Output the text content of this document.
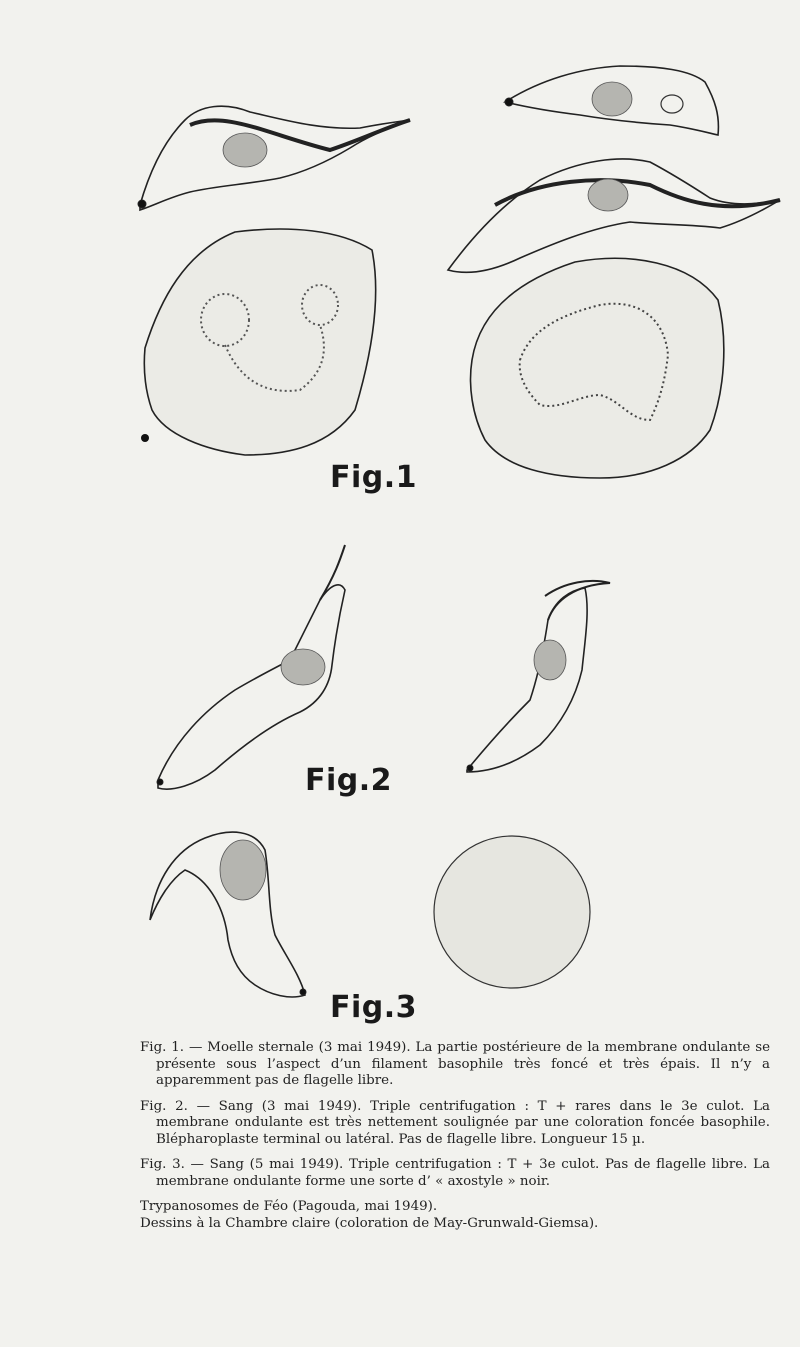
Fig.1
Fig.2
Fig.3

Fig. 1. — Moelle sternale (3 mai 1949). La partie postérieure de la membrane ondulante se présente sous l’aspect d’un filament basophile très foncé et très épais. Il n’y a apparemment pas de flagelle libre.

Fig. 2. — Sang (3 mai 1949). Triple centrifugation : T + rares dans le 3e culot. La membrane ondulante est très nettement soulignée par une coloration foncée basophile. Blépharoplaste terminal ou latéral. Pas de flagelle libre. Longueur 15 µ.

Fig. 3. — Sang (5 mai 1949). Triple centrifugation : T + 3e culot. Pas de flagelle libre. La membrane ondulante forme une sorte d’ « axostyle » noir.

Trypanosomes de Féo (Pagouda, mai 1949).

Dessins à la Chambre claire (coloration de May-Grunwald-Giemsa).
